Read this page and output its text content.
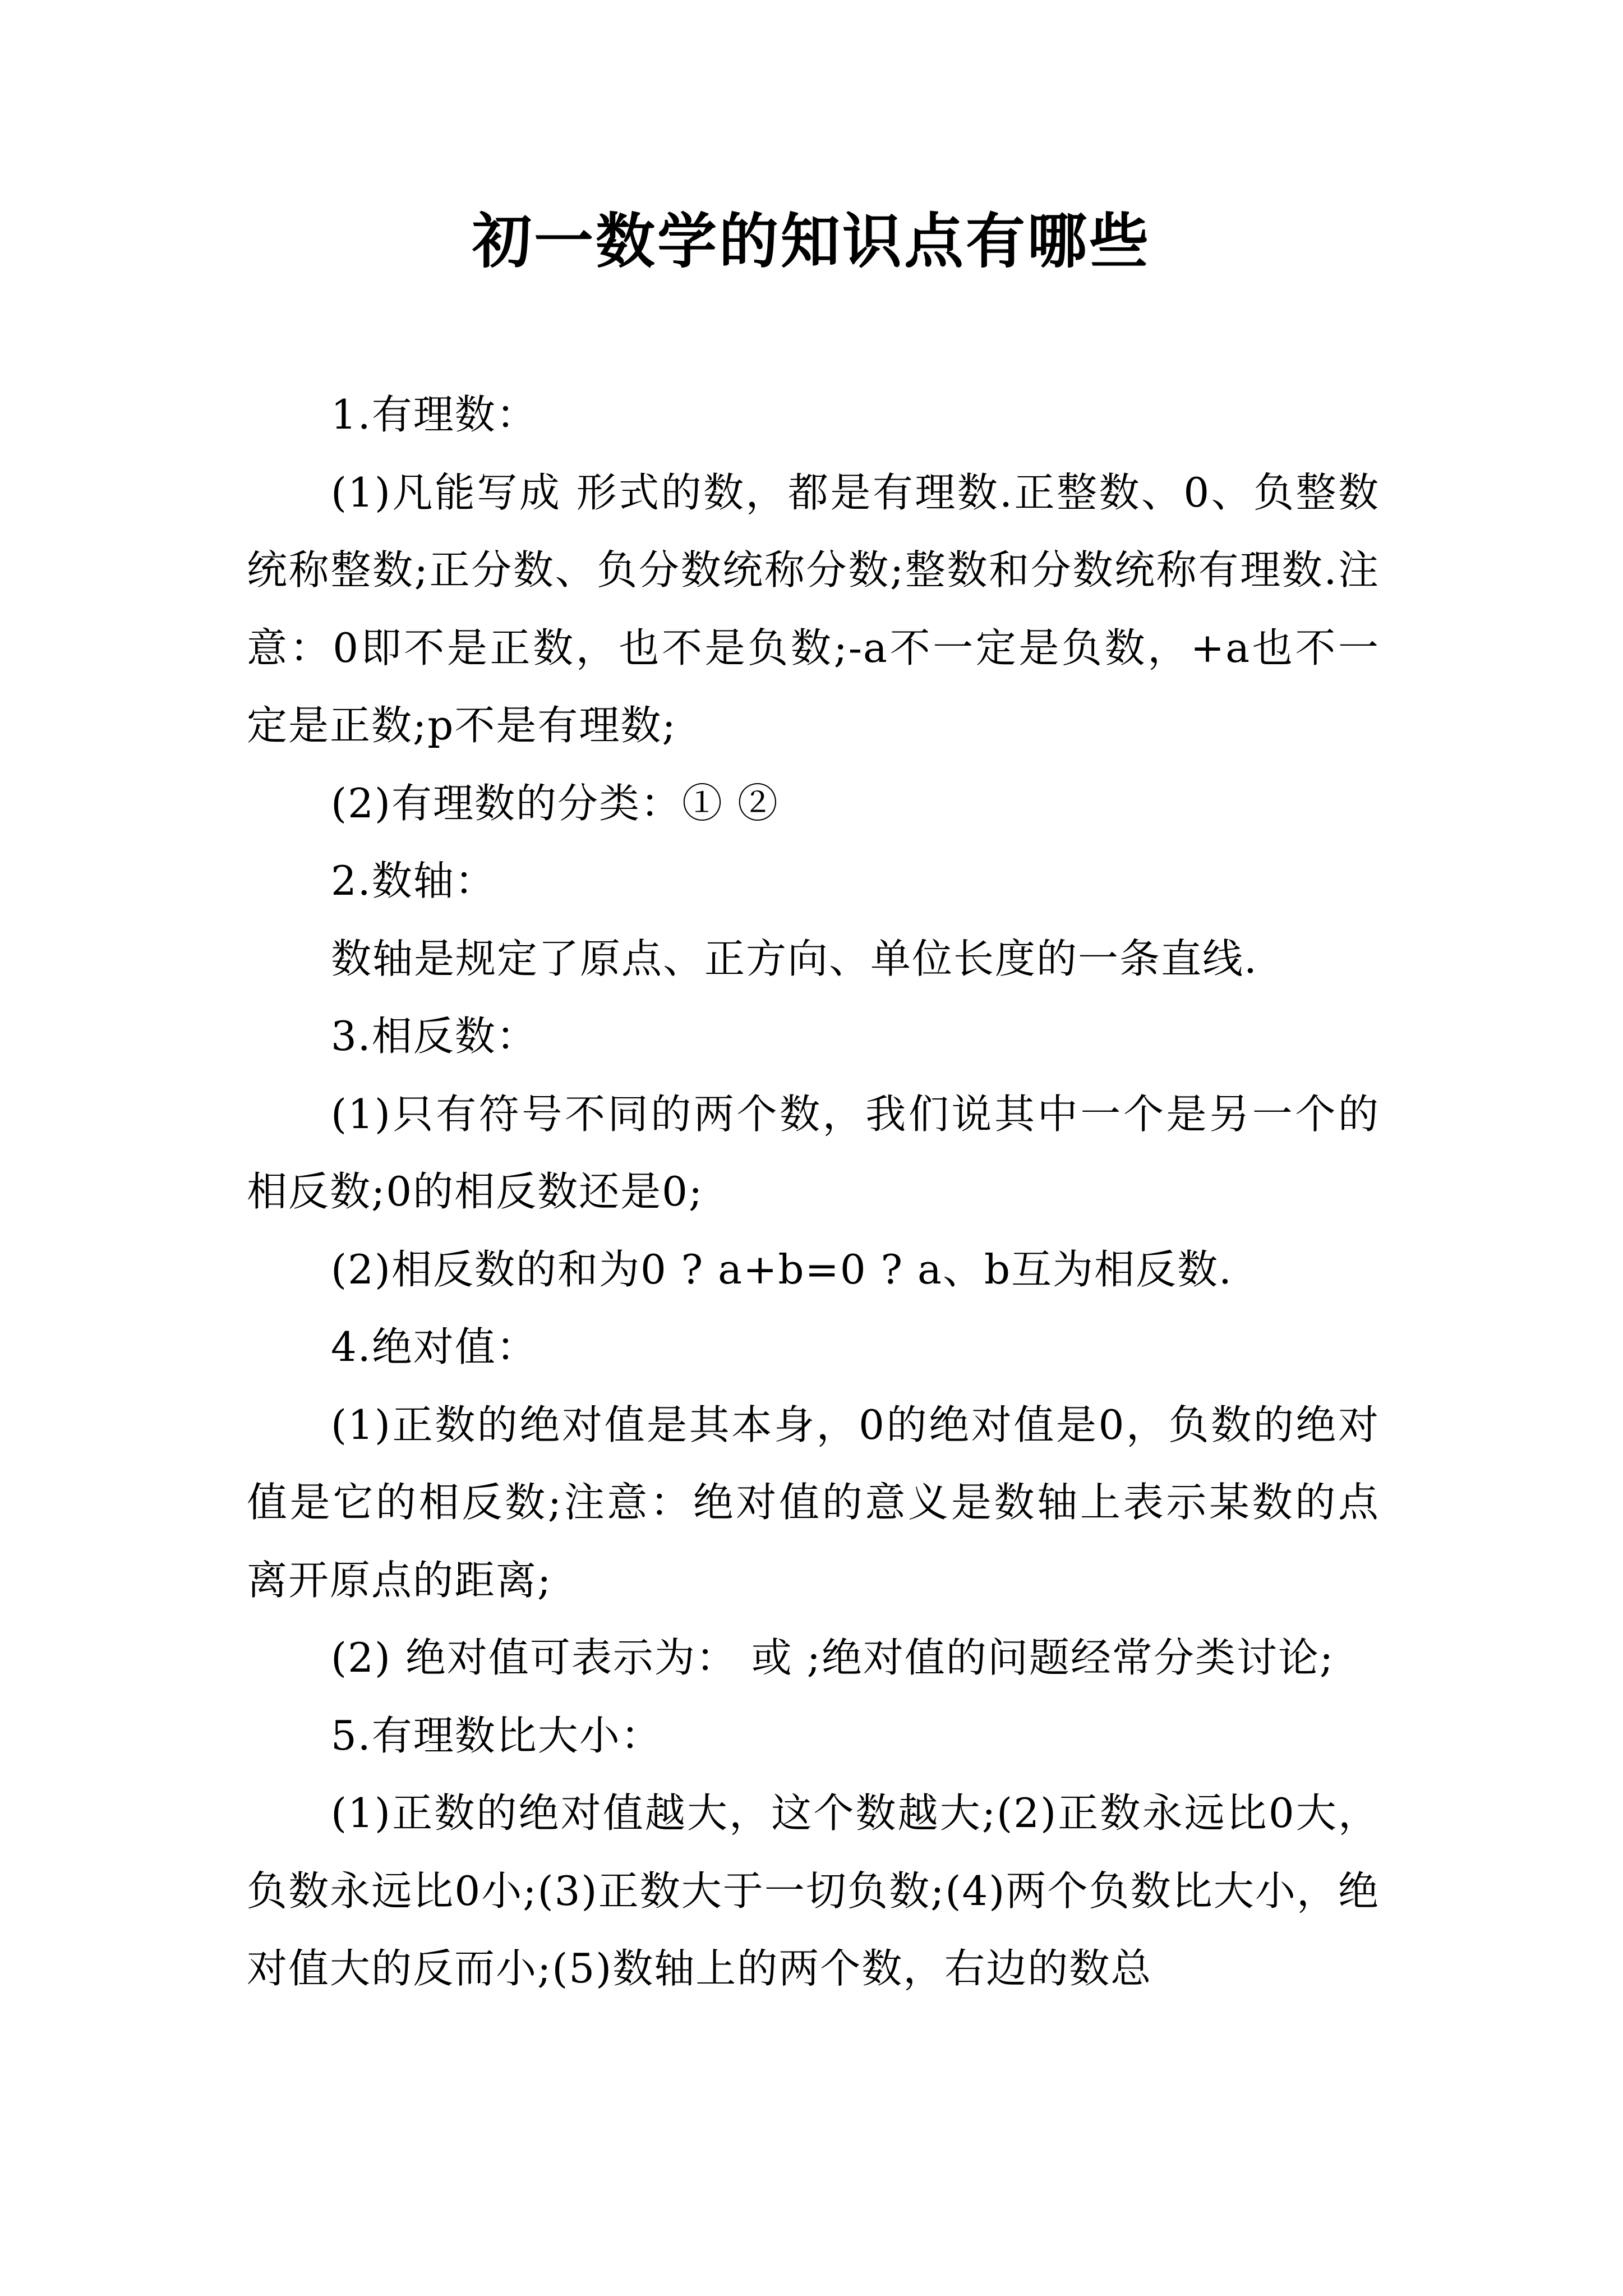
初一数学的知识点有哪些

1.有理数：

(1)凡能写成 形式的数，都是有理数.正整数、0、负整数统称整数;正分数、负分数统称分数;整数和分数统称有理数.注意：0即不是正数，也不是负数;-a不一定是负数，+a也不一定是正数;p不是有理数;

(2)有理数的分类：① ②

2.数轴：

数轴是规定了原点、正方向、单位长度的一条直线.

3.相反数：

(1)只有符号不同的两个数，我们说其中一个是另一个的相反数;0的相反数还是0;

(2)相反数的和为0 ? a+b=0 ? a、b互为相反数.

4.绝对值：

(1)正数的绝对值是其本身，0的绝对值是0，负数的绝对值是它的相反数;注意：绝对值的意义是数轴上表示某数的点离开原点的距离;

(2) 绝对值可表示为： 或 ;绝对值的问题经常分类讨论;

5.有理数比大小：

(1)正数的绝对值越大，这个数越大;(2)正数永远比0大，负数永远比0小;(3)正数大于一切负数;(4)两个负数比大小，绝对值大的反而小;(5)数轴上的两个数，右边的数总
